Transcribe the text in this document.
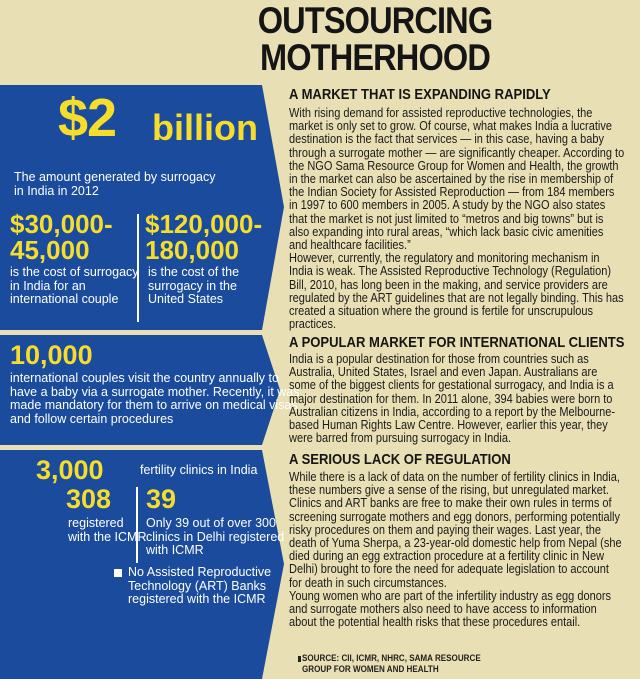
OUTSOURCING
MOTHERHOOD
$2 billion
The amount generated by surrogacy in India in 2012
$30,000-45,000
$120,000-180,000
is the cost of surrogacy in India for an international couple
is the cost of the surrogacy in the United States
10,000
international couples visit the country annually to have a baby via a surrogate mother. Recently, it was made mandatory for them to arrive on medical visas and follow certain procedures
3,000	fertility clinics in India
308 39
registered with the ICMR
Only 39 out of over 300 clinics in Delhi registered with ICMR
No Assisted Reproductive Technology (ART) Banks registered with the ICMR
A MARKET THAT IS EXPANDING RAPIDLY

With rising demand for assisted reproductive technologies, the market is only set to grow. Of course, what makes India a lucrative destination is the fact that services — in this case, having a baby through a surrogate mother — are significantly cheaper. According to the NGO Sama Resource Group for Women and Health, the growth in the market can also be ascertained by the rise in membership of the Indian Society for Assisted Reproduction — from 184 members in 1997 to 600 members in 2005. A study by the NGO also states that the market is not just limited to “metros and big towns” but is also expanding into rural areas, “which lack basic civic amenities and healthcare facilities.”

However, currently, the regulatory and monitoring mechanism in India is weak. The Assisted Reproductive Technology (Regulation) Bill, 2010, has long been in the making, and service providers are regulated by the ART guidelines that are not legally binding. This has created a situation where the ground is fertile for unscrupulous practices.

A POPULAR MARKET FOR INTERNATIONAL CLIENTS

India is a popular destination for those from countries such as Australia, United States, Israel and even Japan. Australians are some of the biggest clients for gestational surrogacy, and India is a major destination for them. In 2011 alone, 394 babies were born to Australian citizens in India, according to a report by the Melbourne-based Human Rights Law Centre. However, earlier this year, they were barred from pursuing surrogacy in India.

A SERIOUS LACK OF REGULATION

While there is a lack of data on the number of fertility clinics in India, these numbers give a sense of the rising, but unregulated market. Clinics and ART banks are free to make their own rules in terms of screening surrogate mothers and egg donors, performing potentially risky procedures on them and paying their wages. Last year, the death of Yuma Sherpa, a 23-year-old domestic help from Nepal (she died during an egg extraction procedure at a fertility clinic in New Delhi) brought to fore the need for adequate legislation to account for death in such circumstances.

Young women who are part of the infertility industry as egg donors and surrogate mothers also need to have access to information about the potential health risks that these procedures entail.

SOURCE: CII, ICMR, NHRC, SAMA RESOURCE GROUP FOR WOMEN AND HEALTH
